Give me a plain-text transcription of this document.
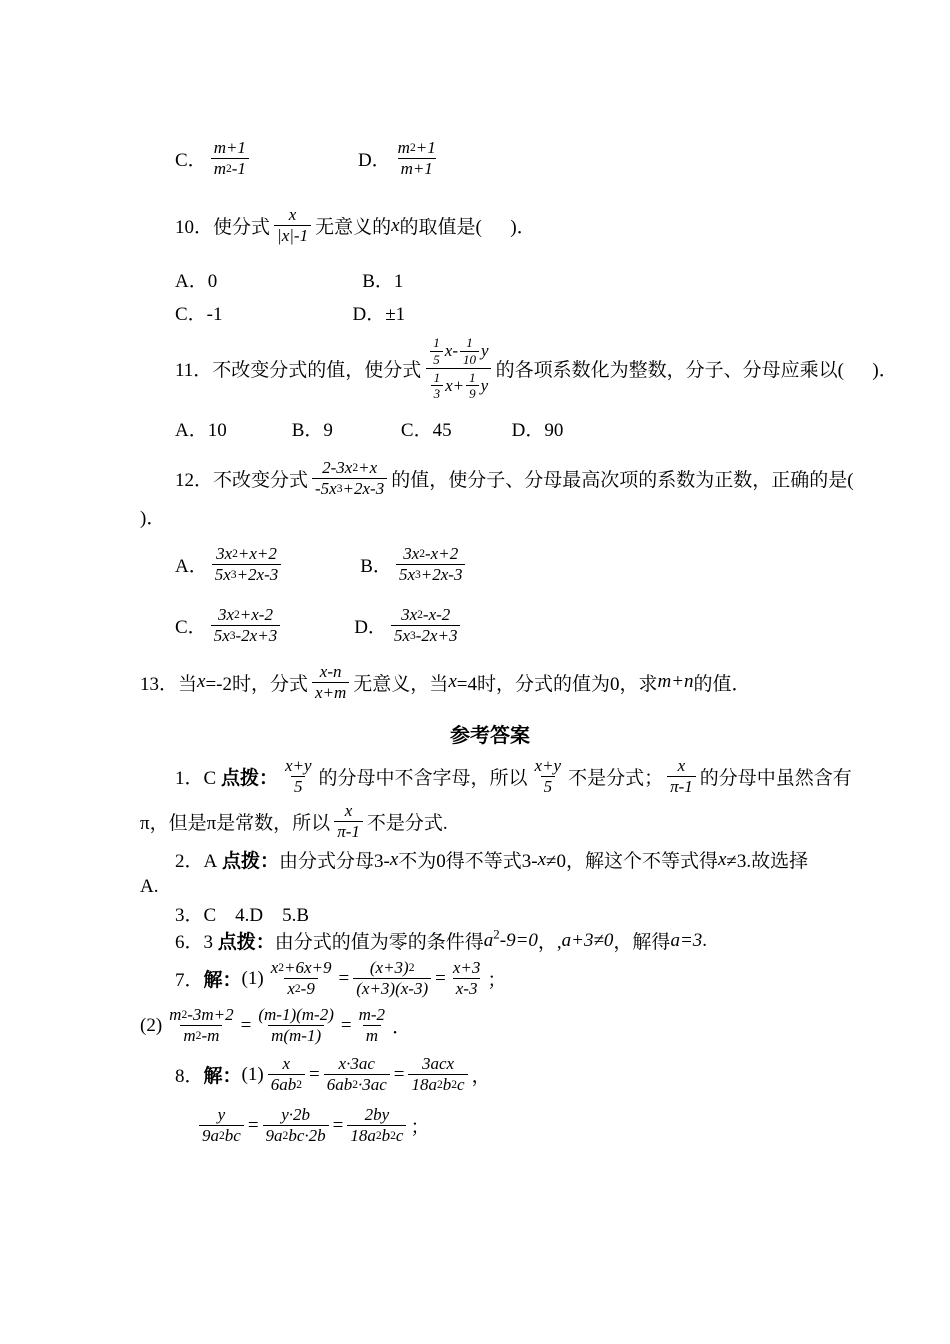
C． $\frac{m+1}{m 2 -1}$	D． $\frac{m 2 +1}{m+1}$
10．使分式 $\frac{x}{|x|-1}$ 无意义的 x 的取值是(      )．
A．0	B．1
C．-1	D．±1
11．不改变分式的值，使分式 $\frac{\frac{1}{5} x- \frac{1}{10} y}{\frac{1}{3} x+ \frac{1}{9} y}$ 的各项系数化为整数，分子、分母应乘以(      )．
A．10	B．9	C．45	D．90
12．不改变分式 $\frac{2-3x 2 +x}{-5x 3 +2x-3}$ 的值，使分子、分母最高次项的系数为正数，正确的是(
)．
A． $\frac{3x 2 +x+2}{5x 3 +2x-3}$	B． $\frac{3x 2 -x+2}{5x 3 +2x-3}$
C． $\frac{3x 2 +x-2}{5x 3 -2x+3}$	D． $\frac{3x 2 -x-2}{5x 3 -2x+3}$
13．当 x =-2时，分式 $\frac{x-n}{x+m}$ 无意义，当 x =4时，分式的值为0，求 m+n 的值．
参考答案
1．C 点拨： $\frac{x+y}{5}$ 的分母中不含字母，所以 $\frac{x+y}{5}$ 不是分式； $\frac{x}{\pi-1}$ 的分母中虽然含有
π，但是π是常数，所以 $\frac{x}{\pi-1}$ 不是分式.
2．A 点拨： 由分式分母3- x 不为0得不等式3- x ≠0，解这个不等式得 x ≠3.故选择
A.
3．C　4.D　5.B
6．3 点拨： 由分式的值为零的条件得 $a^2-9=0$ ，, a+3≠0 ，解得 a=3 .
7． 解： $(1) \frac{x 2 +6x+9}{x 2 -9} = \frac{(x+3) 2}{(x+3)(x-3)} = \frac{x+3}{x-3}$ ；
$(2) \frac{m 2 -3m+2}{m 2 -m} = \frac{(m-1)(m-2)}{m(m-1)} = \frac{m-2}{m}$ ．
8． 解： $(1) \frac{x}{6ab 2} = \frac{x\cdot 3ac}{6ab 2 \cdot 3ac} = \frac{\text{3acx}}{18a 2 b 2 c}$ ，
$\frac{y}{9a 2 bc} = \frac{y\cdot 2b}{9a 2 bc\cdot 2b} = \frac{2by}{18a 2 b 2 c}$ ；
